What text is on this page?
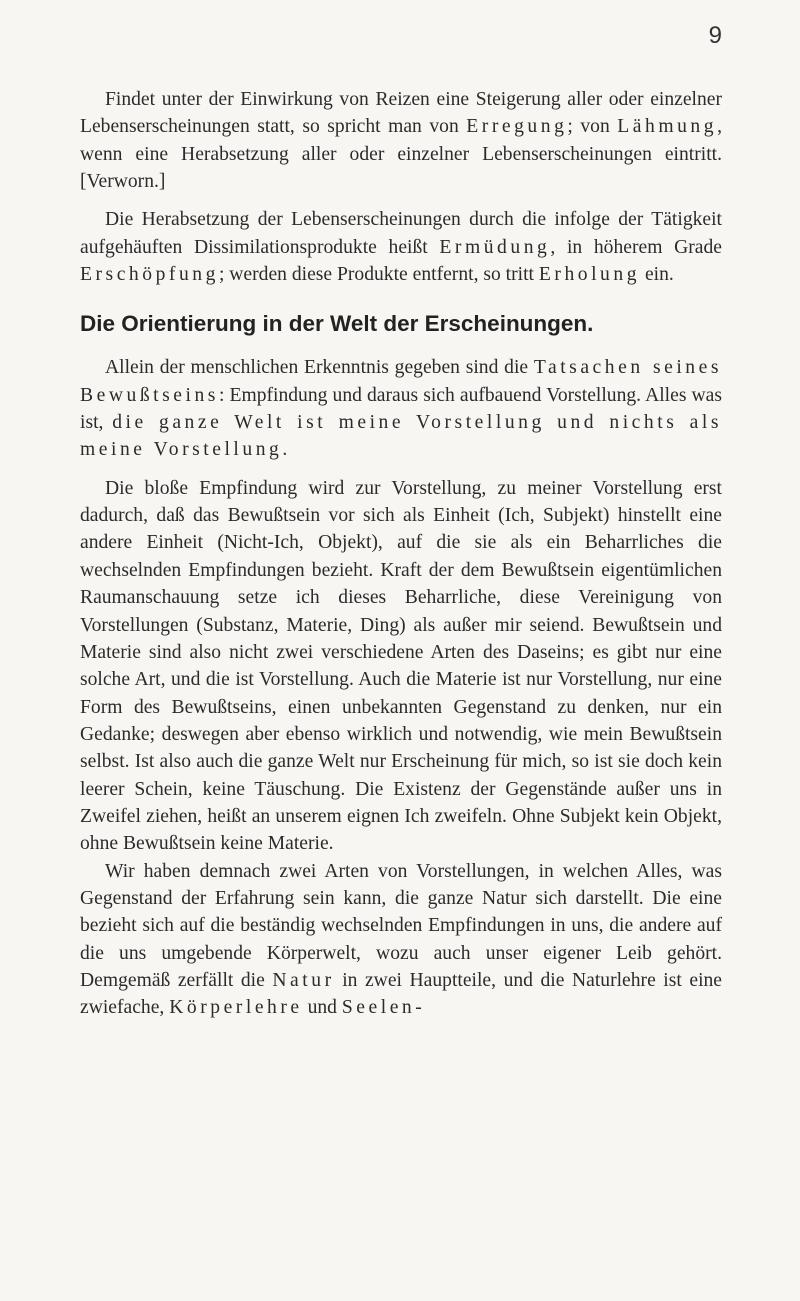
9

Findet unter der Einwirkung von Reizen eine Steigerung aller oder einzelner Lebenserscheinungen statt, so spricht man von Erregung; von Lähmung, wenn eine Herabsetzung aller oder einzelner Lebenserscheinungen eintritt. [Verworn.]

Die Herabsetzung der Lebenserscheinungen durch die infolge der Tätigkeit aufgehäuften Dissimilationsprodukte heißt Ermüdung, in höherem Grade Erschöpfung; werden diese Produkte entfernt, so tritt Erholung ein.

Die Orientierung in der Welt der Erscheinungen.

Allein der menschlichen Erkenntnis gegeben sind die Tatsachen seines Bewußtseins: Empfindung und daraus sich aufbauend Vorstellung. Alles was ist, die ganze Welt ist meine Vorstellung und nichts als meine Vorstellung.

Die bloße Empfindung wird zur Vorstellung, zu meiner Vorstellung erst dadurch, daß das Bewußtsein vor sich als Einheit (Ich, Subjekt) hinstellt eine andere Einheit (Nicht-Ich, Objekt), auf die sie als ein Beharrliches die wechselnden Empfindungen bezieht. Kraft der dem Bewußtsein eigentümlichen Raumanschauung setze ich dieses Beharrliche, diese Vereinigung von Vorstellungen (Substanz, Materie, Ding) als außer mir seiend. Bewußtsein und Materie sind also nicht zwei verschiedene Arten des Daseins; es gibt nur eine solche Art, und die ist Vorstellung. Auch die Materie ist nur Vorstellung, nur eine Form des Bewußtseins, einen unbekannten Gegenstand zu denken, nur ein Gedanke; deswegen aber ebenso wirklich und notwendig, wie mein Bewußtsein selbst. Ist also auch die ganze Welt nur Erscheinung für mich, so ist sie doch kein leerer Schein, keine Täuschung. Die Existenz der Gegenstände außer uns in Zweifel ziehen, heißt an unserem eignen Ich zweifeln. Ohne Subjekt kein Objekt, ohne Bewußtsein keine Materie.

Wir haben demnach zwei Arten von Vorstellungen, in welchen Alles, was Gegenstand der Erfahrung sein kann, die ganze Natur sich darstellt. Die eine bezieht sich auf die beständig wechselnden Empfindungen in uns, die andere auf die uns umgebende Körperwelt, wozu auch unser eigener Leib gehört. Demgemäß zerfällt die Natur in zwei Hauptteile, und die Naturlehre ist eine zwiefache, Körperlehre und Seelen-
